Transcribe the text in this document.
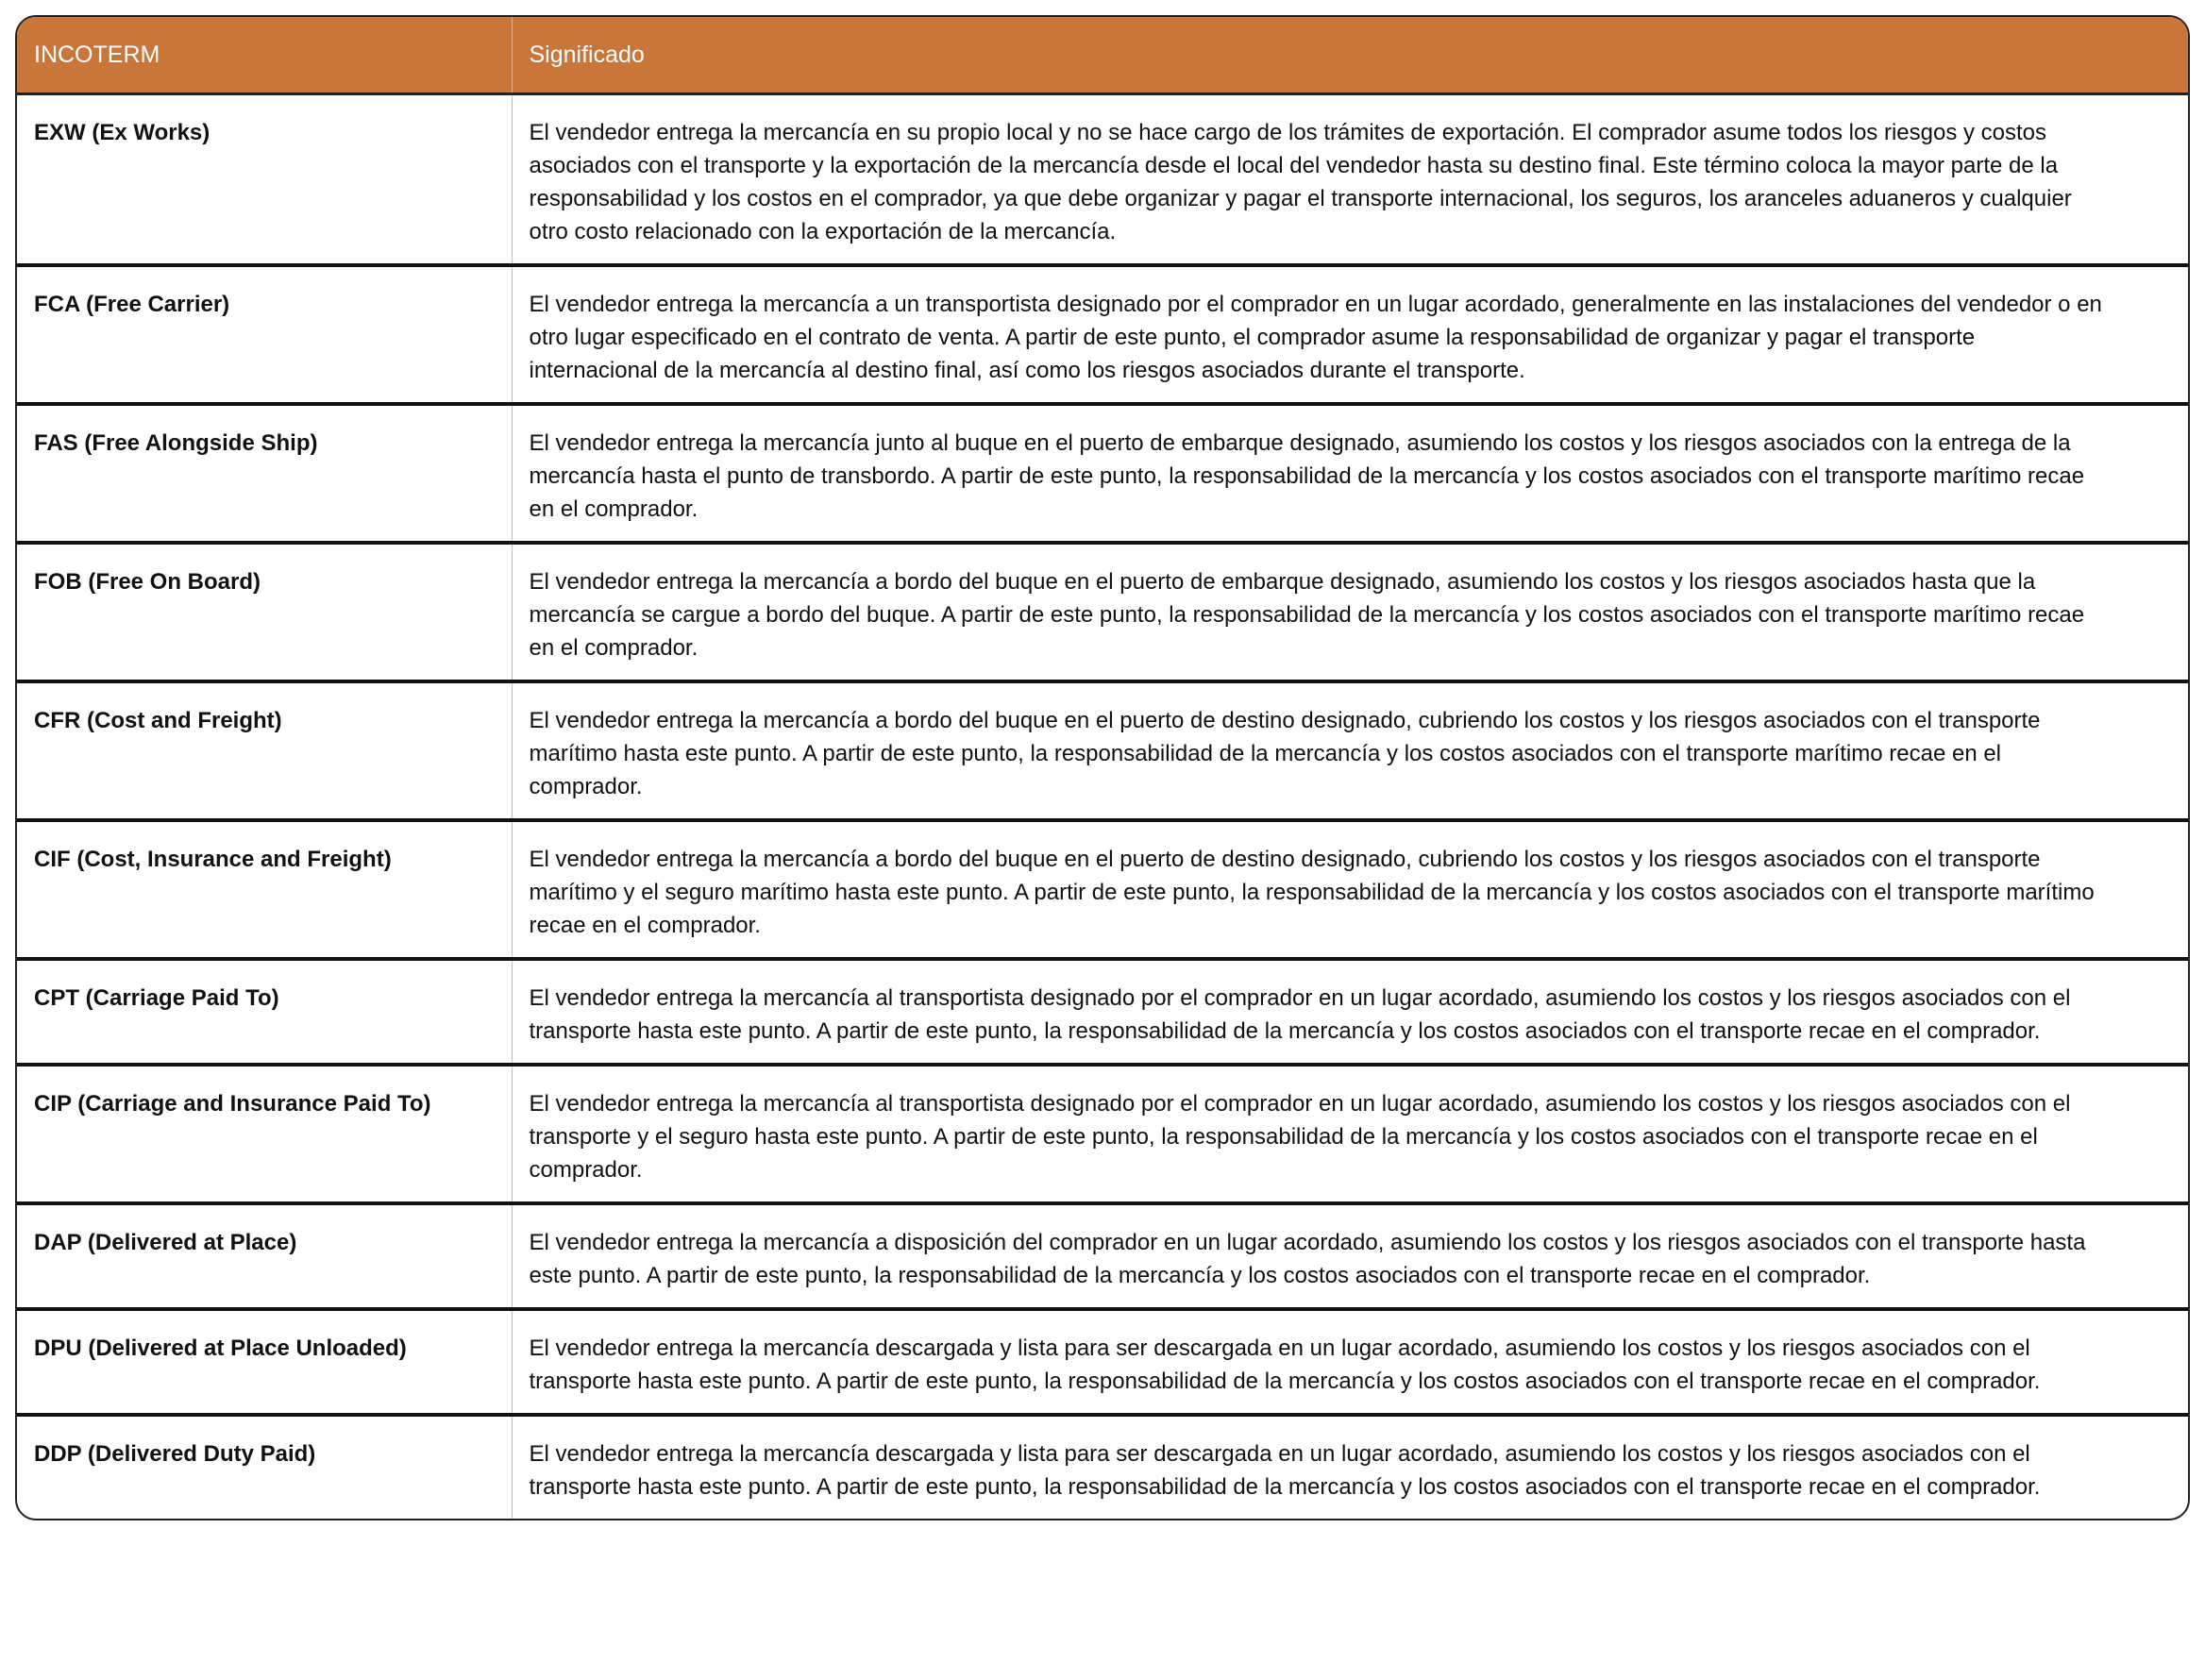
INCOTERM	Significado
EXW (Ex Works)	El vendedor entrega la mercancía en su propio local y no se hace cargo de los trámites de exportación. El comprador asume todos los riesgos y costos asociados con el transporte y la exportación de la mercancía desde el local del vendedor hasta su destino final. Este término coloca la mayor parte de la responsabilidad y los costos en el comprador, ya que debe organizar y pagar el transporte internacional, los seguros, los aranceles aduaneros y cualquier otro costo relacionado con la exportación de la mercancía.
FCA (Free Carrier)	El vendedor entrega la mercancía a un transportista designado por el comprador en un lugar acordado, generalmente en las instalaciones del vendedor o en otro lugar especificado en el contrato de venta. A partir de este punto, el comprador asume la responsabilidad de organizar y pagar el transporte internacional de la mercancía al destino final, así como los riesgos asociados durante el transporte.
FAS (Free Alongside Ship)	El vendedor entrega la mercancía junto al buque en el puerto de embarque designado, asumiendo los costos y los riesgos asociados con la entrega de la mercancía hasta el punto de transbordo. A partir de este punto, la responsabilidad de la mercancía y los costos asociados con el transporte marítimo recae en el comprador.
FOB (Free On Board)	El vendedor entrega la mercancía a bordo del buque en el puerto de embarque designado, asumiendo los costos y los riesgos asociados hasta que la mercancía se cargue a bordo del buque. A partir de este punto, la responsabilidad de la mercancía y los costos asociados con el transporte marítimo recae en el comprador.
CFR (Cost and Freight)	El vendedor entrega la mercancía a bordo del buque en el puerto de destino designado, cubriendo los costos y los riesgos asociados con el transporte marítimo hasta este punto. A partir de este punto, la responsabilidad de la mercancía y los costos asociados con el transporte marítimo recae en el comprador.
CIF (Cost, Insurance and Freight)	El vendedor entrega la mercancía a bordo del buque en el puerto de destino designado, cubriendo los costos y los riesgos asociados con el transporte marítimo y el seguro marítimo hasta este punto. A partir de este punto, la responsabilidad de la mercancía y los costos asociados con el transporte marítimo recae en el comprador.
CPT (Carriage Paid To)	El vendedor entrega la mercancía al transportista designado por el comprador en un lugar acordado, asumiendo los costos y los riesgos asociados con el transporte hasta este punto. A partir de este punto, la responsabilidad de la mercancía y los costos asociados con el transporte recae en el comprador.
CIP (Carriage and Insurance Paid To)	El vendedor entrega la mercancía al transportista designado por el comprador en un lugar acordado, asumiendo los costos y los riesgos asociados con el transporte y el seguro hasta este punto. A partir de este punto, la responsabilidad de la mercancía y los costos asociados con el transporte recae en el comprador.
DAP (Delivered at Place)	El vendedor entrega la mercancía a disposición del comprador en un lugar acordado, asumiendo los costos y los riesgos asociados con el transporte hasta este punto. A partir de este punto, la responsabilidad de la mercancía y los costos asociados con el transporte recae en el comprador.
DPU (Delivered at Place Unloaded)	El vendedor entrega la mercancía descargada y lista para ser descargada en un lugar acordado, asumiendo los costos y los riesgos asociados con el transporte hasta este punto. A partir de este punto, la responsabilidad de la mercancía y los costos asociados con el transporte recae en el comprador.
DDP (Delivered Duty Paid)	El vendedor entrega la mercancía descargada y lista para ser descargada en un lugar acordado, asumiendo los costos y los riesgos asociados con el transporte hasta este punto. A partir de este punto, la responsabilidad de la mercancía y los costos asociados con el transporte recae en el comprador.
